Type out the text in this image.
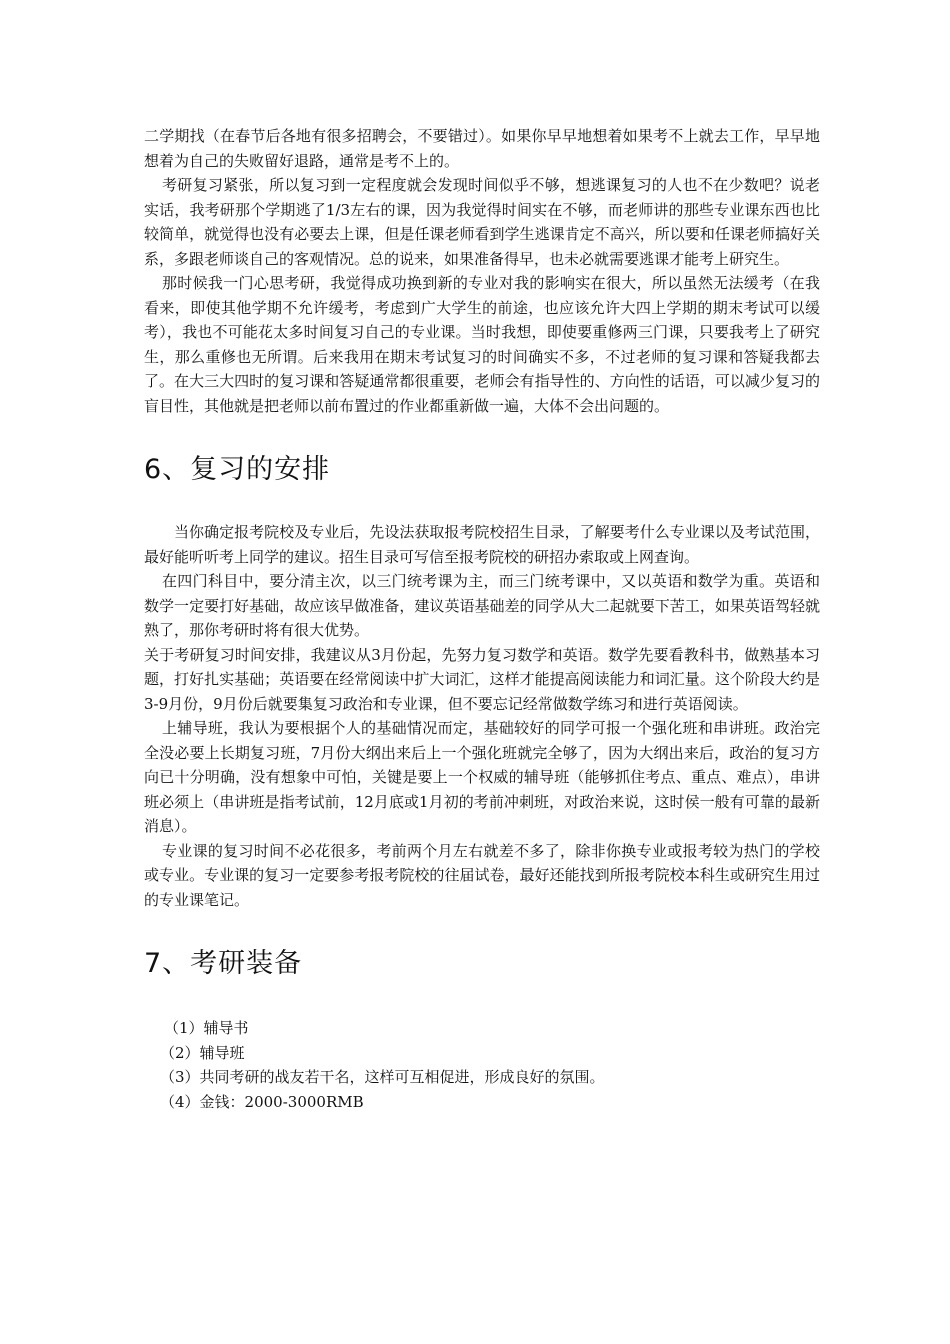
二学期找（在春节后各地有很多招聘会，不要错过）。如果你早早地想着如果考不上就去工作，早早地想着为自己的失败留好退路，通常是考不上的。

考研复习紧张，所以复习到一定程度就会发现时间似乎不够，想逃课复习的人也不在少数吧？说老实话，我考研那个学期逃了1/3左右的课，因为我觉得时间实在不够，而老师讲的那些专业课东西也比较简单，就觉得也没有必要去上课，但是任课老师看到学生逃课肯定不高兴，所以要和任课老师搞好关系，多跟老师谈自己的客观情况。总的说来，如果准备得早，也未必就需要逃课才能考上研究生。

那时候我一门心思考研，我觉得成功换到新的专业对我的影响实在很大，所以虽然无法缓考（在我看来，即使其他学期不允许缓考，考虑到广大学生的前途，也应该允许大四上学期的期末考试可以缓考），我也不可能花太多时间复习自己的专业课。当时我想，即使要重修两三门课，只要我考上了研究生，那么重修也无所谓。后来我用在期末考试复习的时间确实不多，不过老师的复习课和答疑我都去了。在大三大四时的复习课和答疑通常都很重要，老师会有指导性的、方向性的话语，可以减少复习的盲目性，其他就是把老师以前布置过的作业都重新做一遍，大体不会出问题的。

6、复习的安排

当你确定报考院校及专业后，先设法获取报考院校招生目录，了解要考什么专业课以及考试范围，最好能听听考上同学的建议。招生目录可写信至报考院校的研招办索取或上网查询。

在四门科目中，要分清主次，以三门统考课为主，而三门统考课中，又以英语和数学为重。英语和数学一定要打好基础，故应该早做准备，建议英语基础差的同学从大二起就要下苦工，如果英语驾轻就熟了，那你考研时将有很大优势。

关于考研复习时间安排，我建议从3月份起，先努力复习数学和英语。数学先要看教科书，做熟基本习题，打好扎实基础；英语要在经常阅读中扩大词汇，这样才能提高阅读能力和词汇量。这个阶段大约是3-9月份，9月份后就要集复习政治和专业课，但不要忘记经常做数学练习和进行英语阅读。

上辅导班，我认为要根据个人的基础情况而定，基础较好的同学可报一个强化班和串讲班。政治完全没必要上长期复习班，7月份大纲出来后上一个强化班就完全够了，因为大纲出来后，政治的复习方向已十分明确，没有想象中可怕，关键是要上一个权威的辅导班（能够抓住考点、重点、难点），串讲班必须上（串讲班是指考试前，12月底或1月初的考前冲刺班，对政治来说，这时侯一般有可靠的最新消息）。

专业课的复习时间不必花很多，考前两个月左右就差不多了，除非你换专业或报考较为热门的学校或专业。专业课的复习一定要参考报考院校的往届试卷，最好还能找到所报考院校本科生或研究生用过的专业课笔记。

7、考研装备
（1）辅导书
（2）辅导班
（3）共同考研的战友若干名，这样可互相促进，形成良好的氛围。
（4）金钱：2000-3000RMB
